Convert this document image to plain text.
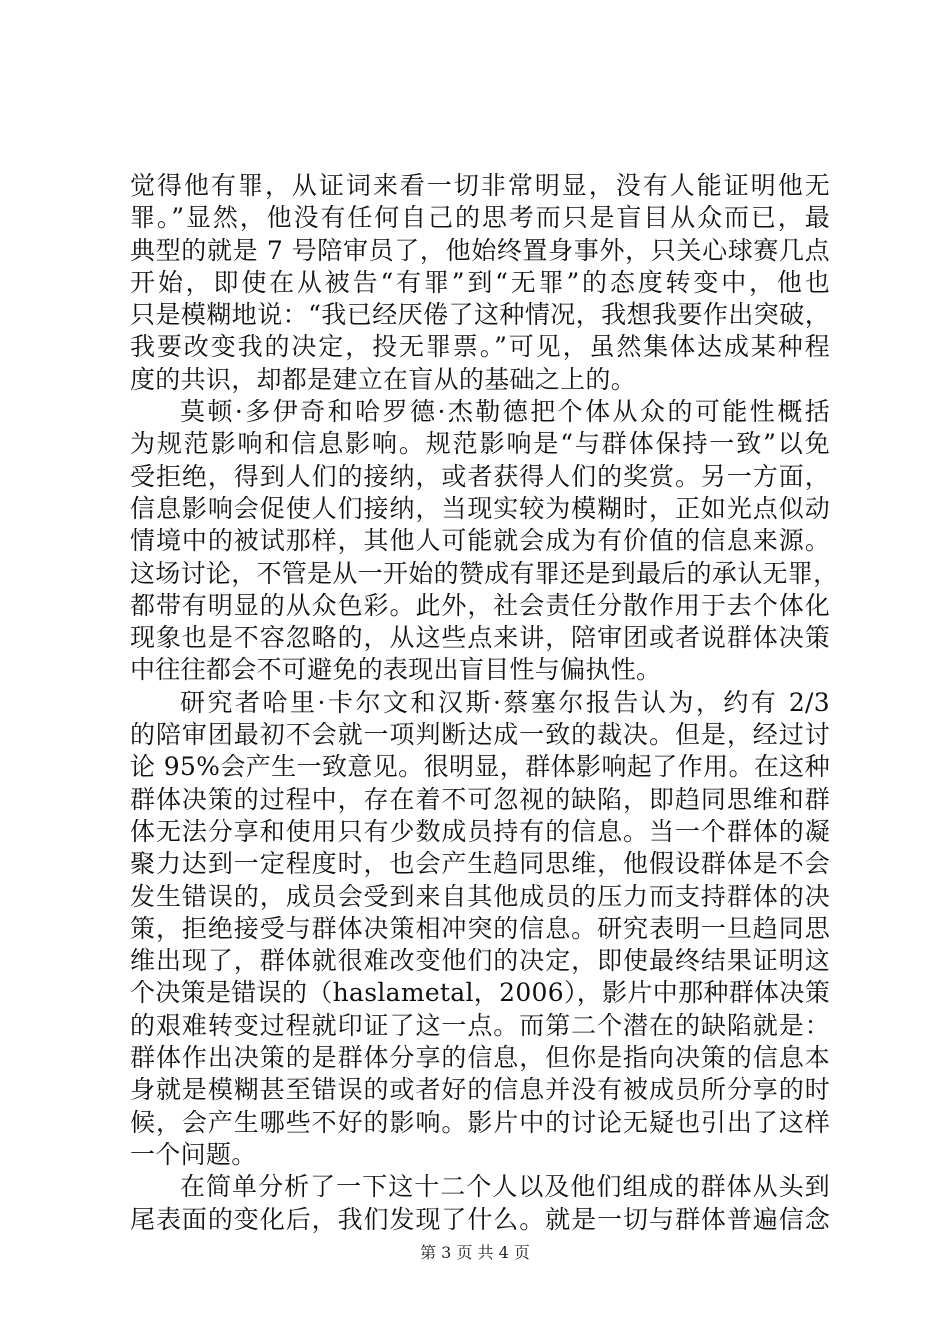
觉得他有罪，从证词来看一切非常明显，没有人能证明他无
罪。”显然，他没有任何自己的思考而只是盲目从众而已，最
典型的就是 7 号陪审员了，他始终置身事外，只关心球赛几点
开始，即使在从被告“有罪”到“无罪”的态度转变中，他也
只是模糊地说：“我已经厌倦了这种情况，我想我要作出突破，
我要改变我的决定，投无罪票。”可见，虽然集体达成某种程
度的共识，却都是建立在盲从的基础之上的。
莫顿·多伊奇和哈罗德·杰勒德把个体从众的可能性概括
为规范影响和信息影响。规范影响是“与群体保持一致”以免
受拒绝，得到人们的接纳，或者获得人们的奖赏。另一方面，
信息影响会促使人们接纳，当现实较为模糊时，正如光点似动
情境中的被试那样，其他人可能就会成为有价值的信息来源。
这场讨论，不管是从一开始的赞成有罪还是到最后的承认无罪，
都带有明显的从众色彩。此外，社会责任分散作用于去个体化
现象也是不容忽略的，从这些点来讲，陪审团或者说群体决策
中往往都会不可避免的表现出盲目性与偏执性。
研究者哈里·卡尔文和汉斯·蔡塞尔报告认为，约有 2/3
的陪审团最初不会就一项判断达成一致的裁决。但是，经过讨
论 95%会产生一致意见。很明显，群体影响起了作用。在这种
群体决策的过程中，存在着不可忽视的缺陷，即趋同思维和群
体无法分享和使用只有少数成员持有的信息。当一个群体的凝
聚力达到一定程度时，也会产生趋同思维，他假设群体是不会
发生错误的，成员会受到来自其他成员的压力而支持群体的决
策，拒绝接受与群体决策相冲突的信息。研究表明一旦趋同思
维出现了，群体就很难改变他们的决定，即使最终结果证明这
个决策是错误的（haslametal，2006），影片中那种群体决策
的艰难转变过程就印证了这一点。而第二个潜在的缺陷就是：
群体作出决策的是群体分享的信息，但你是指向决策的信息本
身就是模糊甚至错误的或者好的信息并没有被成员所分享的时
候，会产生哪些不好的影响。影片中的讨论无疑也引出了这样
一个问题。
在简单分析了一下这十二个人以及他们组成的群体从头到
尾表面的变化后，我们发现了什么。就是一切与群体普遍信念
第 3 页 共 4 页
